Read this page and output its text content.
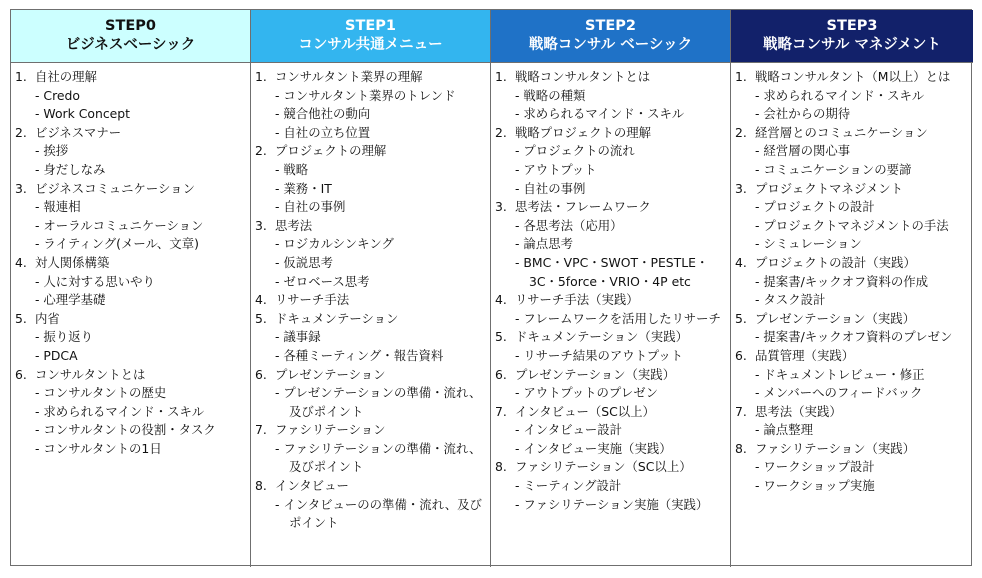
STEP0
ビジネスベーシック
STEP1
コンサル共通メニュー
STEP2
戦略コンサル ベーシック
STEP3
戦略コンサル マネジメント
1. 自社の理解
- Credo
- Work Concept
2. ビジネスマナー
- 挨拶
- 身だしなみ
3. ビジネスコミュニケーション
- 報連相
- オーラルコミュニケーション
- ライティング(メール、文章)
4. 対人関係構築
- 人に対する思いやり
- 心理学基礎
5. 内省
- 振り返り
- PDCA
6. コンサルタントとは
- コンサルタントの歴史
- 求められるマインド・スキル
- コンサルタントの役割・タスク
- コンサルタントの1日
1. コンサルタント業界の理解
- コンサルタント業界のトレンド
- 競合他社の動向
- 自社の立ち位置
2. プロジェクトの理解
- 戦略
- 業務・IT
- 自社の事例
3. 思考法
- ロジカルシンキング
- 仮説思考
- ゼロベース思考
4. リサーチ手法
5. ドキュメンテーション
- 議事録
- 各種ミーティング・報告資料
6. プレゼンテーション
- プレゼンテーションの準備・流れ、及びポイント
7. ファシリテーション
- ファシリテーションの準備・流れ、及びポイント
8. インタビュー
- インタビューのの準備・流れ、及びポイント
1. 戦略コンサルタントとは
- 戦略の種類
- 求められるマインド・スキル
2. 戦略プロジェクトの理解
- プロジェクトの流れ
- アウトプット
- 自社の事例
3. 思考法・フレームワーク
- 各思考法（応用）
- 論点思考
- BMC・VPC・SWOT・PESTLE・3C・5force・VRIO・4P etc
4. リサーチ手法（実践）
- フレームワークを活用したリサーチ
5. ドキュメンテーション（実践）
- リサーチ結果のアウトプット
6. プレゼンテーション（実践）
- アウトプットのプレゼン
7. インタビュー（SC以上）
- インタビュー設計
- インタビュー実施（実践）
8. ファシリテーション（SC以上）
- ミーティング設計
- ファシリテーション実施（実践）
1. 戦略コンサルタント（M以上）とは
- 求められるマインド・スキル
- 会社からの期待
2. 経営層とのコミュニケーション
- 経営層の関心事
- コミュニケーションの要諦
3. プロジェクトマネジメント
- プロジェクトの設計
- プロジェクトマネジメントの手法
- シミュレーション
4. プロジェクトの設計（実践）
- 提案書/キックオフ資料の作成
- タスク設計
5. プレゼンテーション（実践）
- 提案書/キックオフ資料のプレゼン
6. 品質管理（実践）
- ドキュメントレビュー・修正
- メンバーへのフィードバック
7. 思考法（実践）
- 論点整理
8. ファシリテーション（実践）
- ワークショップ設計
- ワークショップ実施
